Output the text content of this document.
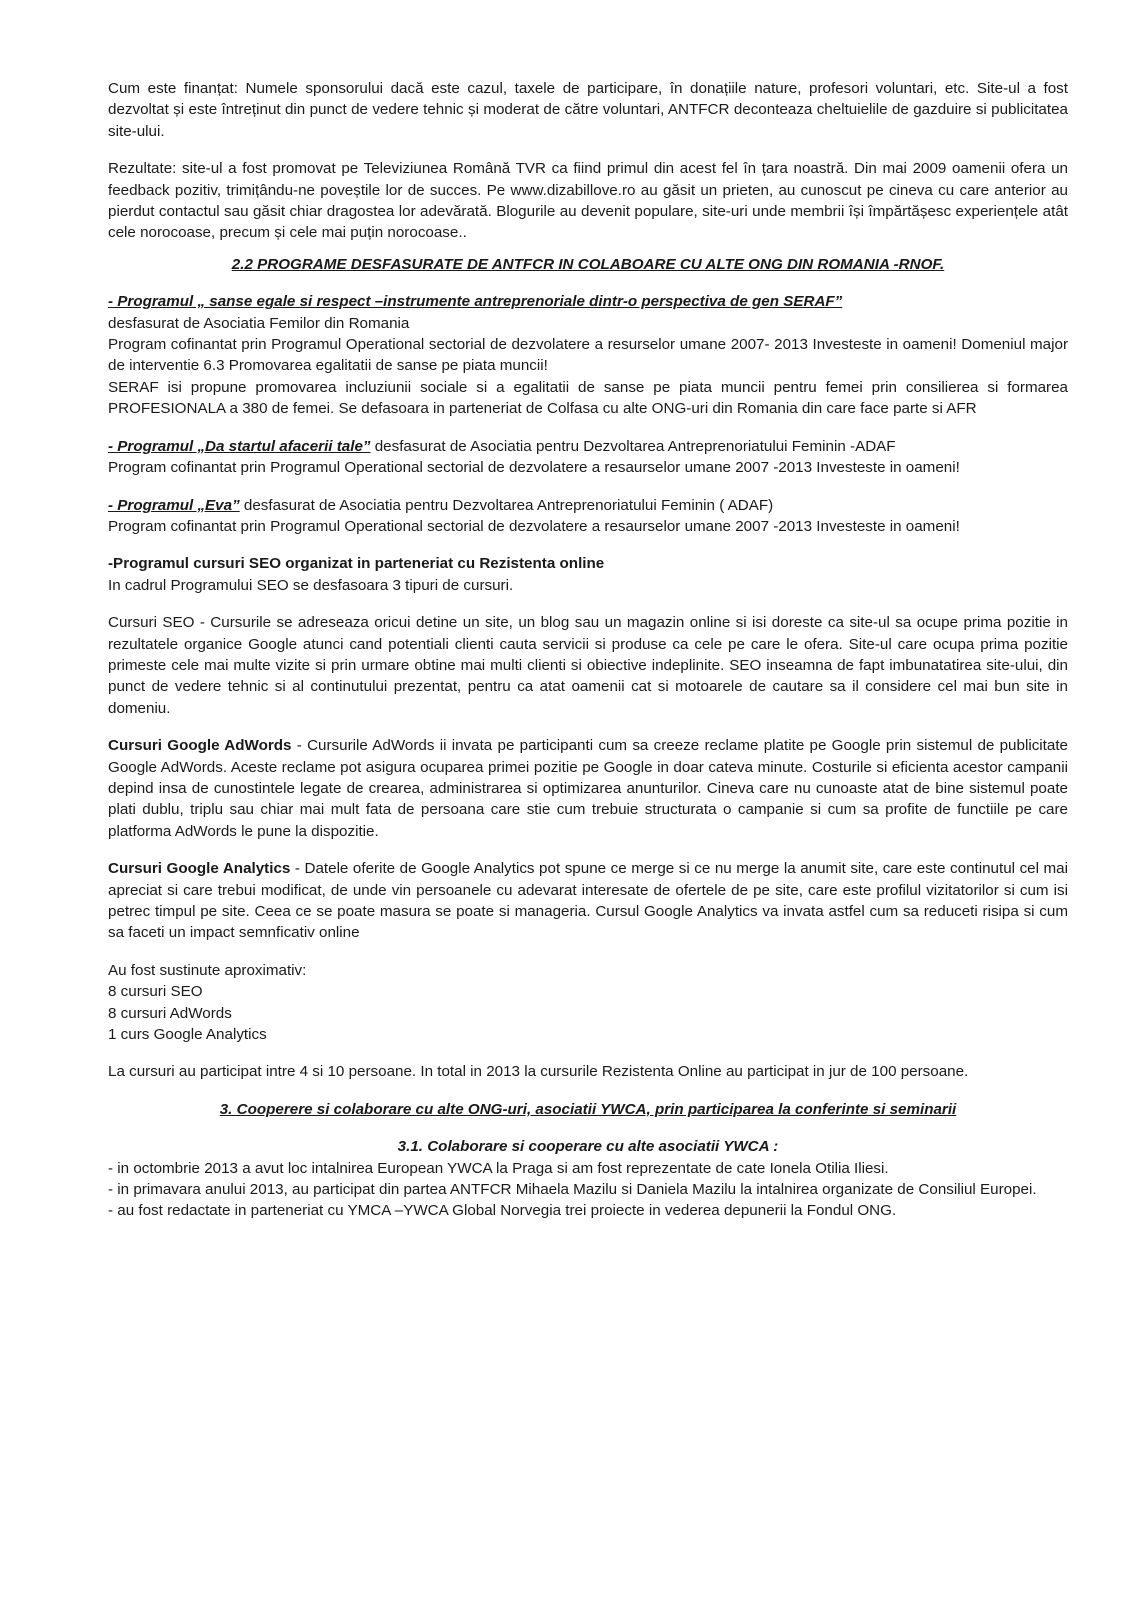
Cum este finanțat: Numele sponsorului dacă este cazul, taxele de participare, în donațiile nature, profesori voluntari, etc. Site-ul a fost dezvoltat și este întreținut din punct de vedere tehnic și moderat de către voluntari, ANTFCR deconteaza cheltuielile de gazduire si publicitatea site-ului.

Rezultate: site-ul a fost promovat pe Televiziunea Română TVR ca fiind primul din acest fel în țara noastră. Din mai 2009 oamenii ofera un feedback pozitiv, trimițându-ne poveștile lor de succes. Pe www.dizabillove.ro au găsit un prieten, au cunoscut pe cineva cu care anterior au pierdut contactul sau găsit chiar dragostea lor adevărată. Blogurile au devenit populare, site-uri unde membrii își împărtășesc experiențele atât cele norocoase, precum și cele mai puțin norocoase..

2.2 PROGRAME DESFASURATE DE ANTFCR IN COLABOARE CU ALTE ONG DIN ROMANIA -RNOF.

- Programul „ sanse egale si respect –instrumente antreprenoriale dintr-o perspectiva de gen SERAF”

desfasurat de Asociatia Femilor din Romania

Program cofinantat prin Programul Operational sectorial de dezvolatere a resurselor umane 2007- 2013 Investeste in oameni! Domeniul major de interventie 6.3 Promovarea egalitatii de sanse pe piata muncii!

SERAF isi propune promovarea incluziunii sociale si a egalitatii de sanse pe piata muncii pentru femei prin consilierea si formarea PROFESIONALA a 380 de femei. Se defasoara in parteneriat de Colfasa cu alte ONG-uri din Romania din care face parte si AFR

- Programul „Da startul afacerii tale” desfasurat de Asociatia pentru Dezvoltarea Antreprenoriatului Feminin -ADAF

Program cofinantat prin Programul Operational sectorial de dezvolatere a resaurselor umane 2007 -2013 Investeste in oameni!

- Programul „Eva” desfasurat de Asociatia pentru Dezvoltarea Antreprenoriatului Feminin ( ADAF)

Program cofinantat prin Programul Operational sectorial de dezvolatere a resaurselor umane 2007 -2013 Investeste in oameni!

-Programul cursuri SEO organizat in parteneriat cu Rezistenta online

In cadrul Programului SEO se desfasoara 3 tipuri de cursuri.

Cursuri SEO - Cursurile se adreseaza oricui detine un site, un blog sau un magazin online si isi doreste ca site-ul sa ocupe prima pozitie in rezultatele organice Google atunci cand potentiali clienti cauta servicii si produse ca cele pe care le ofera. Site-ul care ocupa prima pozitie primeste cele mai multe vizite si prin urmare obtine mai multi clienti si obiective indeplinite. SEO inseamna de fapt imbunatatirea site-ului, din punct de vedere tehnic si al continutului prezentat, pentru ca atat oamenii cat si motoarele de cautare sa il considere cel mai bun site in domeniu.

Cursuri Google AdWords - Cursurile AdWords ii invata pe participanti cum sa creeze reclame platite pe Google prin sistemul de publicitate Google AdWords. Aceste reclame pot asigura ocuparea primei pozitie pe Google in doar cateva minute. Costurile si eficienta acestor campanii depind insa de cunostintele legate de crearea, administrarea si optimizarea anunturilor. Cineva care nu cunoaste atat de bine sistemul poate plati dublu, triplu sau chiar mai mult fata de persoana care stie cum trebuie structurata o campanie si cum sa profite de functiile pe care platforma AdWords le pune la dispozitie.

Cursuri Google Analytics - Datele oferite de Google Analytics pot spune ce merge si ce nu merge la anumit site, care este continutul cel mai apreciat si care trebui modificat, de unde vin persoanele cu adevarat interesate de ofertele de pe site, care este profilul vizitatorilor si cum isi petrec timpul pe site. Ceea ce se poate masura se poate si manageria. Cursul Google Analytics va invata astfel cum sa reduceti risipa si cum sa faceti un impact semnficativ online

Au fost sustinute aproximativ:

8 cursuri SEO

8 cursuri AdWords

1 curs Google Analytics

La cursuri au participat intre 4 si 10 persoane. In total in 2013 la cursurile Rezistenta Online au participat in jur de 100 persoane.

3. Cooperere si colaborare cu alte ONG-uri, asociatii YWCA, prin participarea la conferinte si seminarii

3.1. Colaborare si cooperare cu alte asociatii YWCA :

- in octombrie 2013 a avut loc intalnirea European YWCA la Praga si am fost reprezentate de cate Ionela Otilia Iliesi.

- in primavara anului 2013, au participat din partea ANTFCR Mihaela Mazilu si Daniela Mazilu la intalnirea organizate de Consiliul Europei.

- au fost redactate in parteneriat cu YMCA –YWCA Global Norvegia trei proiecte in vederea depunerii la Fondul ONG.
